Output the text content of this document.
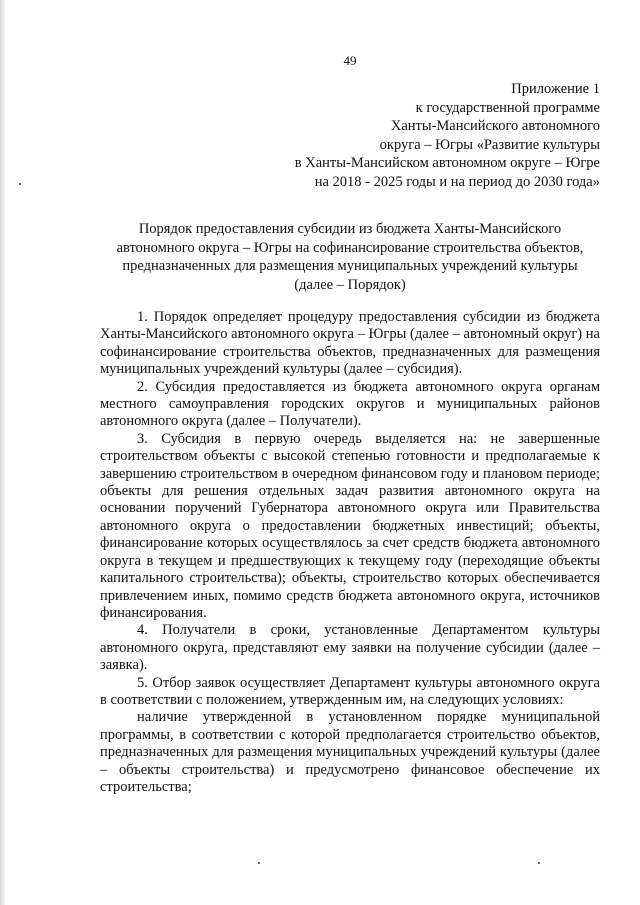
49
Приложение 1
к государственной программе
Ханты-Мансийского автономного
округа – Югры «Развитие культуры
в Ханты-Мансийском автономном округе – Югре
на 2018 - 2025 годы и на период до 2030 года»
Порядок предоставления субсидии из бюджета Ханты-Мансийского
автономного округа – Югры на софинансирование строительства объектов,
предназначенных для размещения муниципальных учреждений культуры
(далее – Порядок)

1. Порядок определяет процедуру предоставления субсидии из бюджета Ханты-Мансийского автономного округа – Югры (далее – автономный округ) на софинансирование строительства объектов, предназначенных для размещения муниципальных учреждений культуры (далее – субсидия).

2. Субсидия предоставляется из бюджета автономного округа органам местного самоуправления городских округов и муниципальных районов автономного округа (далее – Получатели).

3. Субсидия в первую очередь выделяется на: не завершенные строительством объекты с высокой степенью готовности и предполагаемые к завершению строительством в очередном финансовом году и плановом периоде; объекты для решения отдельных задач развития автономного округа на основании поручений Губернатора автономного округа или Правительства автономного округа о предоставлении бюджетных инвестиций; объекты, финансирование которых осуществлялось за счет средств бюджета автономного округа в текущем и предшествующих к текущему году (переходящие объекты капитального строительства); объекты, строительство которых обеспечивается привлечением иных, помимо средств бюджета автономного округа, источников финансирования.

4. Получатели в сроки, установленные Департаментом культуры автономного округа, представляют ему заявки на получение субсидии (далее – заявка).

5. Отбор заявок осуществляет Департамент культуры автономного округа в соответствии с положением, утвержденным им, на следующих условиях:

наличие утвержденной в установленном порядке муниципальной программы, в соответствии с которой предполагается строительство объектов, предназначенных для размещения муниципальных учреждений культуры (далее – объекты строительства) и предусмотрено финансовое обеспечение их строительства;
